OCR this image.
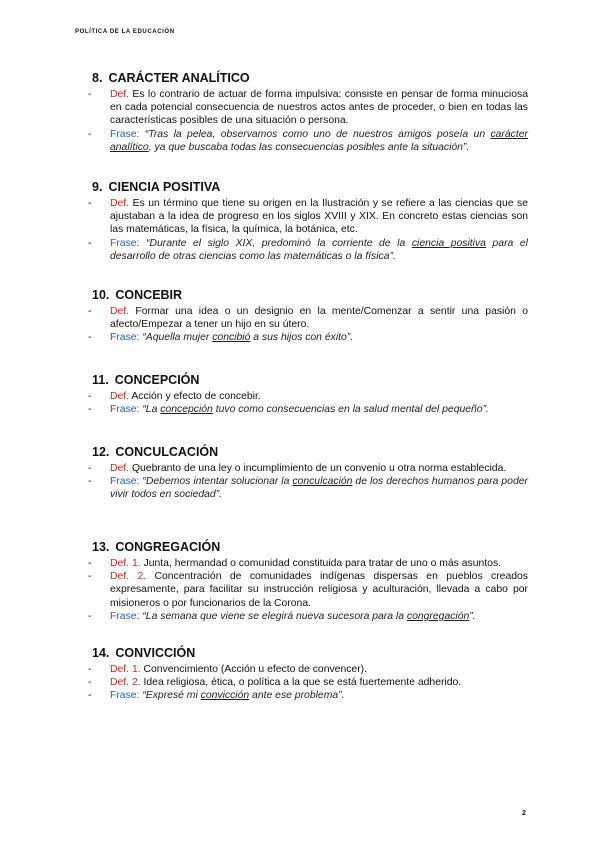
POLÍTICA DE LA EDUCACIÓN
8. CARÁCTER ANALÍTICO

- Def. Es lo contrario de actuar de forma impulsiva: consiste en pensar de forma minuciosa en cada potencial consecuencia de nuestros actos antes de proceder, o bien en todas las características posibles de una situación o persona.

- Frase: “Tras la pelea, observamos como uno de nuestros amigos poseía un carácter analítico, ya que buscaba todas las consecuencias posibles ante la situación”.

9. CIENCIA POSITIVA

- Def. Es un término que tiene su origen en la Ilustración y se refiere a las ciencias que se ajustaban a la idea de progreso en los siglos XVIII y XIX. En concreto estas ciencias son las matemáticas, la física, la química, la botánica, etc.

- Frase: “Durante el siglo XIX, predominó la corriente de la ciencia positiva para el desarrollo de otras ciencias como las matemáticas o la física”.

10. CONCEBIR

- Def. Formar una idea o un designio en la mente/Comenzar a sentir una pasión o afecto/Empezar a tener un hijo en su útero.

- Frase: “Aquella mujer concibió a sus hijos con éxito”.

11. CONCEPCIÓN

- Def. Acción y efecto de concebir.

- Frase: “La concepción tuvo como consecuencias en la salud mental del pequeño”.

12. CONCULCACIÓN

- Def. Quebranto de una ley o incumplimiento de un convenio u otra norma establecida.

- Frase: “Debemos intentar solucionar la conculcación de los derechos humanos para poder vivir todos en sociedad”.

13. CONGREGACIÓN

- Def. 1. Junta, hermandad o comunidad constituida para tratar de uno o más asuntos.

- Def. 2. Concentración de comunidades indígenas dispersas en pueblos creados expresamente, para facilitar su instrucción religiosa y aculturación, llevada a cabo por misioneros o por funcionarios de la Corona.

- Frase: “La semana que viene se elegirá nueva sucesora para la congregación”.

14. CONVICCIÓN

- Def. 1. Convencimiento (Acción u efecto de convencer).

- Def. 2. Idea religiosa, ética, o política a la que se está fuertemente adherido.

- Frase: “Expresé mi convicción ante ese problema”.

2
